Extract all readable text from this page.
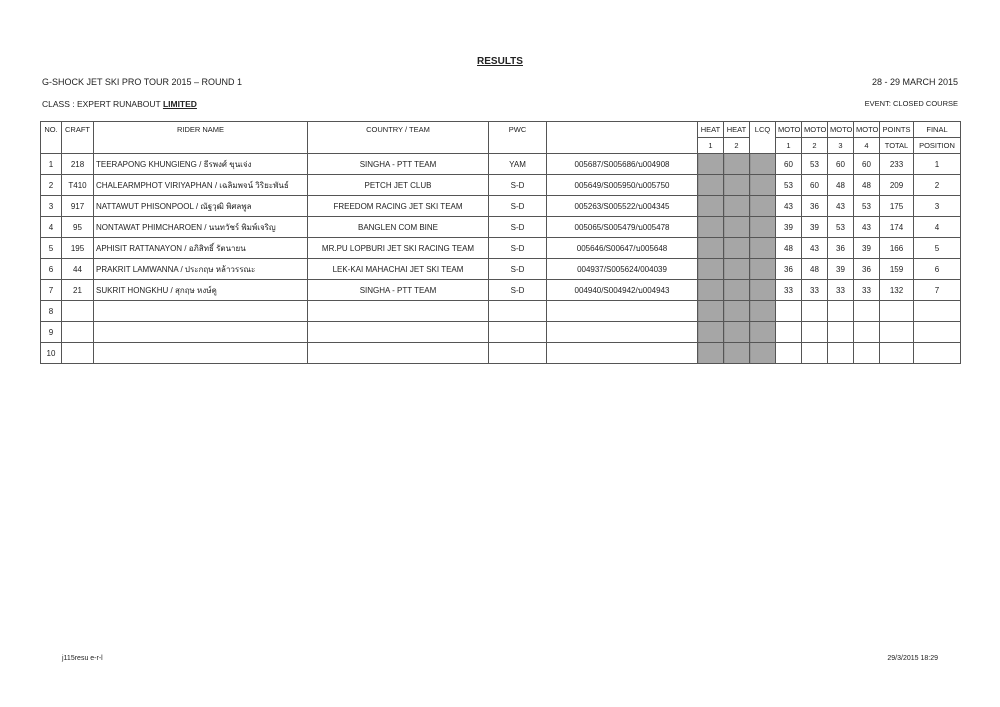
RESULTS
G-SHOCK JET SKI PRO TOUR 2015 – ROUND 1	28 - 29 MARCH 2015
CLASS : EXPERT RUNABOUT LIMITED	EVENT: CLOSED COURSE
NO.	CRAFT	RIDER NAME	COUNTRY / TEAM	PWC		HEAT	HEAT	LCQ	MOTO	MOTO	MOTO	MOTO	POINTS	FINAL
						1	2		1	2	3	4	TOTAL	POSITION
1	218	TEERAPONG KHUNGIENG / ธีรพงศ์ ขุนเจ่ง	SINGHA - PTT TEAM	YAM	005687/S005686/บ004908				60	53	60	60	233	1
2	T410	CHALEARMPHOT VIRIYAPHAN / เฉลิมพจน์ วิริยะพันธ์	PETCH JET CLUB	S-D	005649/S005950/บ005750				53	60	48	48	209	2
3	917	NATTAWUT PHISONPOOL / ณัฐวุฒิ พิศลพูล	FREEDOM RACING JET SKI TEAM	S-D	005263/S005522/บ004345				43	36	43	53	175	3
4	95	NONTAWAT PHIMCHAROEN / นนทวัชร์ พิมพ์เจริญ	BANGLEN COM BINE	S-D	005065/S005479/บ005478				39	39	53	43	174	4
5	195	APHISIT RATTANAYON / อภิสิทธิ์ รัตนายน	MR.PU LOPBURI JET SKI RACING TEAM	S-D	005646/S00647/บ005648				48	43	36	39	166	5
6	44	PRAKRIT LAMWANNA / ประกฤษ หล้าวรรณะ	LEK-KAI MAHACHAI JET SKI TEAM	S-D	004937/S005624/004039				36	48	39	36	159	6
7	21	SUKRIT HONGKHU / สุกฤษ หงษ์คู	SINGHA - PTT TEAM	S-D	004940/S004942/บ004943				33	33	33	33	132	7
8														
9														
10														
j115resu e-r-l	29/3/2015 18:29
